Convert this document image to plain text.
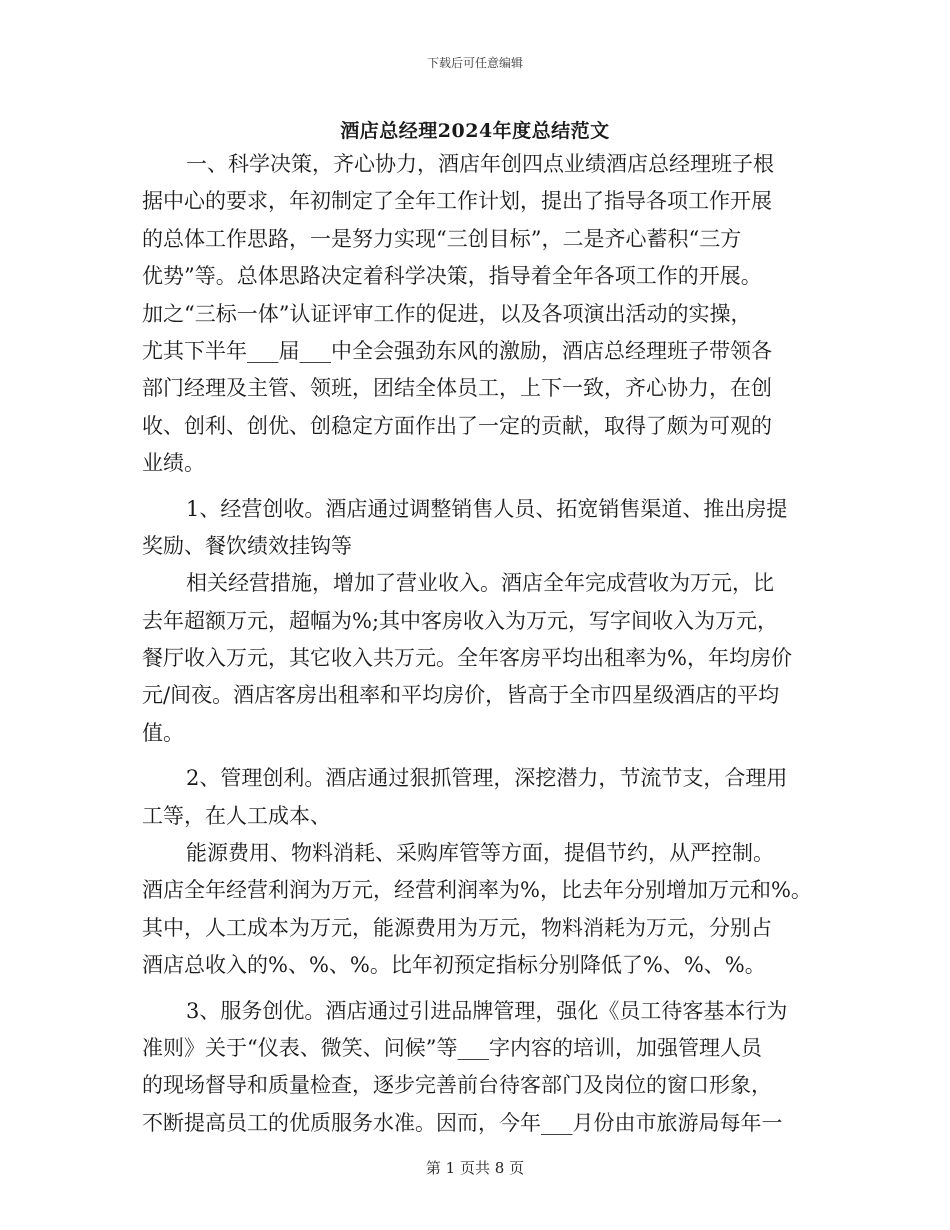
下载后可任意编辑
酒店总经理2024年度总结范文
一、科学决策，齐心协力，酒店年创四点业绩酒店总经理班子根
据中心的要求，年初制定了全年工作计划，提出了指导各项工作开展
的总体工作思路，一是努力实现“三创目标”，二是齐心蓄积“三方
优势”等。总体思路决定着科学决策，指导着全年各项工作的开展。
加之“三标一体”认证评审工作的促进，以及各项演出活动的实操，
尤其下半年___届___中全会强劲东风的激励，酒店总经理班子带领各
部门经理及主管、领班，团结全体员工，上下一致，齐心协力，在创
收、创利、创优、创稳定方面作出了一定的贡献，取得了颇为可观的
业绩。
1、经营创收。酒店通过调整销售人员、拓宽销售渠道、推出房提
奖励、餐饮绩效挂钩等
相关经营措施，增加了营业收入。酒店全年完成营收为万元，比
去年超额万元，超幅为%;其中客房收入为万元，写字间收入为万元，
餐厅收入万元，其它收入共万元。全年客房平均出租率为%，年均房价
元/间夜。酒店客房出租率和平均房价，皆高于全市四星级酒店的平均
值。
2、管理创利。酒店通过狠抓管理，深挖潜力，节流节支，合理用
工等，在人工成本、
能源费用、物料消耗、采购库管等方面，提倡节约，从严控制。
酒店全年经营利润为万元，经营利润率为%，比去年分别增加万元和%。
其中，人工成本为万元，能源费用为万元，物料消耗为万元，分别占
酒店总收入的%、%、%。比年初预定指标分别降低了%、%、%。
3、服务创优。酒店通过引进品牌管理，强化《员工待客基本行为
准则》关于“仪表、微笑、问候”等___字内容的培训，加强管理人员
的现场督导和质量检查，逐步完善前台待客部门及岗位的窗口形象，
不断提高员工的优质服务水准。因而，今年___月份由市旅游局每年一
第 1 页共 8 页
